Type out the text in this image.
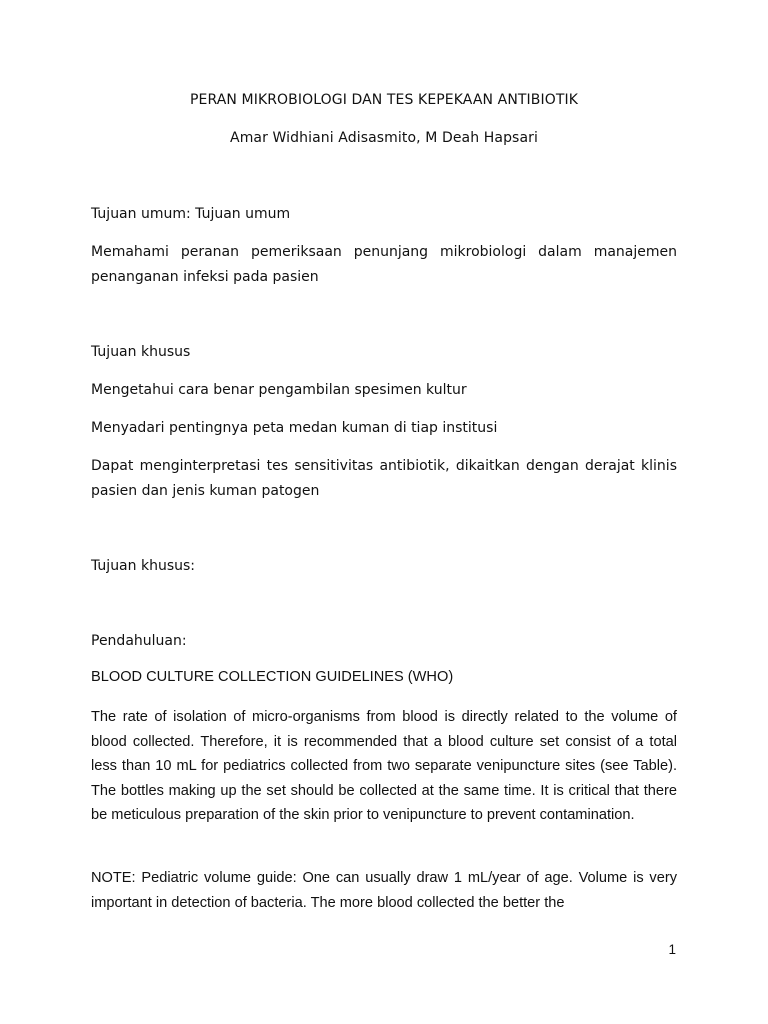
PERAN MIKROBIOLOGI DAN TES KEPEKAAN ANTIBIOTIK
Amar Widhiani Adisasmito, M Deah Hapsari

Tujuan umum: Tujuan umum

Memahami peranan pemeriksaan penunjang mikrobiologi dalam manajemen penanganan infeksi pada pasien

Tujuan khusus

Mengetahui cara benar pengambilan spesimen kultur

Menyadari pentingnya peta medan kuman di tiap institusi

Dapat menginterpretasi tes sensitivitas antibiotik, dikaitkan dengan derajat klinis pasien dan jenis kuman patogen

Tujuan khusus:

Pendahuluan:

BLOOD CULTURE COLLECTION GUIDELINES (WHO)

The rate of isolation of micro-organisms from blood is directly related to the volume of blood collected. Therefore, it is recommended that a blood culture set consist of a total less than 10 mL for pediatrics collected from two separate venipuncture sites (see Table). The bottles making up the set should be collected at the same time. It is critical that there be meticulous preparation of the skin prior to venipuncture to prevent contamination.

NOTE: Pediatric volume guide: One can usually draw 1 mL/year of age. Volume is very important in detection of bacteria. The more blood collected the better the

1
